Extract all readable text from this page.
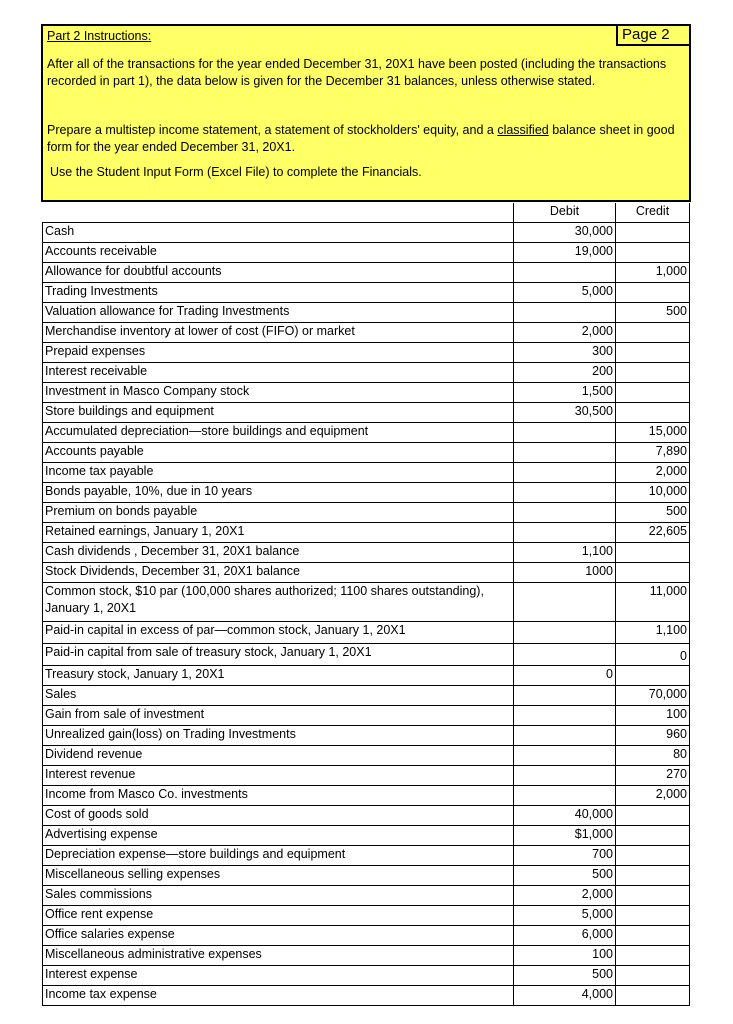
Part 2 Instructions:	Page 2

After all of the transactions for the year ended December 31, 20X1 have been posted (including the transactions recorded in part 1), the data below is given for the December 31 balances, unless otherwise stated.

Prepare a multistep income statement, a statement of stockholders' equity, and a classified balance sheet in good form for the year ended December 31, 20X1.

Use the Student Input Form (Excel File) to complete the Financials.

	Debit	Credit
Cash	30,000	
Accounts receivable	19,000	
Allowance for doubtful accounts		1,000
Trading Investments	5,000	
Valuation allowance for Trading Investments		500
Merchandise inventory at lower of cost (FIFO) or market	2,000	
Prepaid expenses	300	
Interest receivable	200	
Investment in Masco Company stock	1,500	
Store buildings and equipment	30,500	
Accumulated depreciation—store buildings and equipment		15,000
Accounts payable		7,890
Income tax payable		2,000
Bonds payable, 10%, due in 10 years		10,000
Premium on bonds payable		500
Retained earnings, January 1, 20X1		22,605
Cash dividends , December 31, 20X1 balance	1,100	
Stock Dividends, December 31, 20X1 balance	1000	
Common stock, $10 par (100,000 shares authorized; 1100 shares outstanding), January 1, 20X1		11,000
Paid-in capital in excess of par—common stock, January 1, 20X1		1,100
Paid-in capital from sale of treasury stock, January 1, 20X1		0
Treasury stock, January 1, 20X1	0	
Sales		70,000
Gain from sale of investment		100
Unrealized gain(loss) on Trading Investments		960
Dividend revenue		80
Interest revenue		270
Income from Masco Co. investments		2,000
Cost of goods sold	40,000	
Advertising expense	$1,000	
Depreciation expense—store buildings and equipment	700	
Miscellaneous selling expenses	500	
Sales commissions	2,000	
Office rent expense	5,000	
Office salaries expense	6,000	
Miscellaneous administrative expenses	100	
Interest expense	500	
Income tax expense	4,000	
